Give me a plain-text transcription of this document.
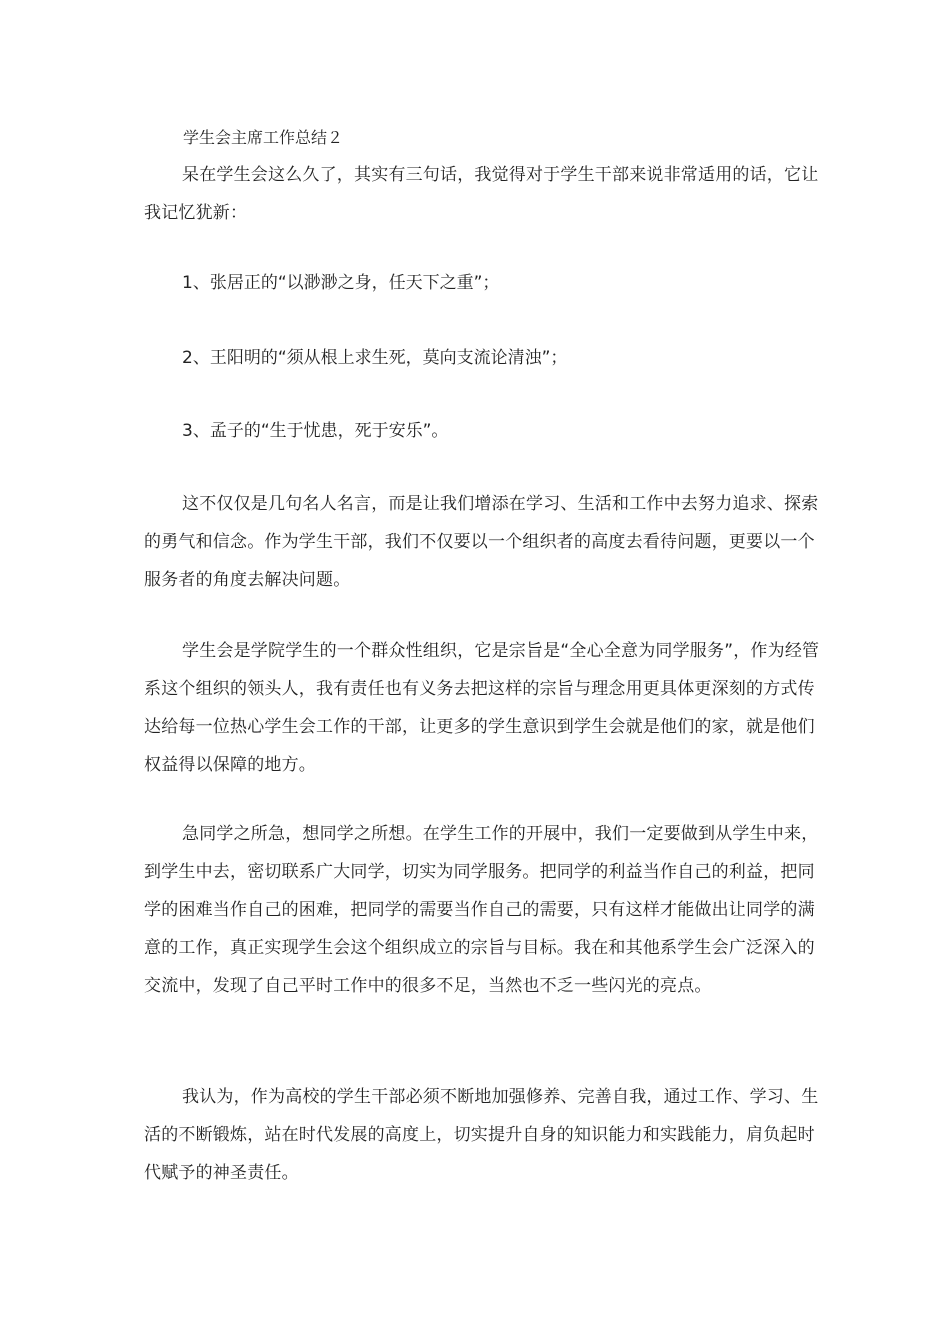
学生会主席工作总结２

呆在学生会这么久了，其实有三句话，我觉得对于学生干部来说非常适用的话，它让我记忆犹新：

1、张居正的“以渺渺之身，任天下之重”；

2、王阳明的“须从根上求生死，莫向支流论清浊”；

3、孟子的“生于忧患，死于安乐”。

这不仅仅是几句名人名言，而是让我们增添在学习、生活和工作中去努力追求、探索的勇气和信念。作为学生干部，我们不仅要以一个组织者的高度去看待问题，更要以一个服务者的角度去解决问题。

学生会是学院学生的一个群众性组织，它是宗旨是“全心全意为同学服务”，作为经管系这个组织的领头人，我有责任也有义务去把这样的宗旨与理念用更具体更深刻的方式传达给每一位热心学生会工作的干部，让更多的学生意识到学生会就是他们的家，就是他们权益得以保障的地方。

急同学之所急，想同学之所想。在学生工作的开展中，我们一定要做到从学生中来，到学生中去，密切联系广大同学，切实为同学服务。把同学的利益当作自己的利益，把同学的困难当作自己的困难，把同学的需要当作自己的需要，只有这样才能做出让同学的满意的工作，真正实现学生会这个组织成立的宗旨与目标。我在和其他系学生会广泛深入的交流中，发现了自己平时工作中的很多不足，当然也不乏一些闪光的亮点。

我认为，作为高校的学生干部必须不断地加强修养、完善自我，通过工作、学习、生活的不断锻炼，站在时代发展的高度上，切实提升自身的知识能力和实践能力，肩负起时代赋予的神圣责任。
